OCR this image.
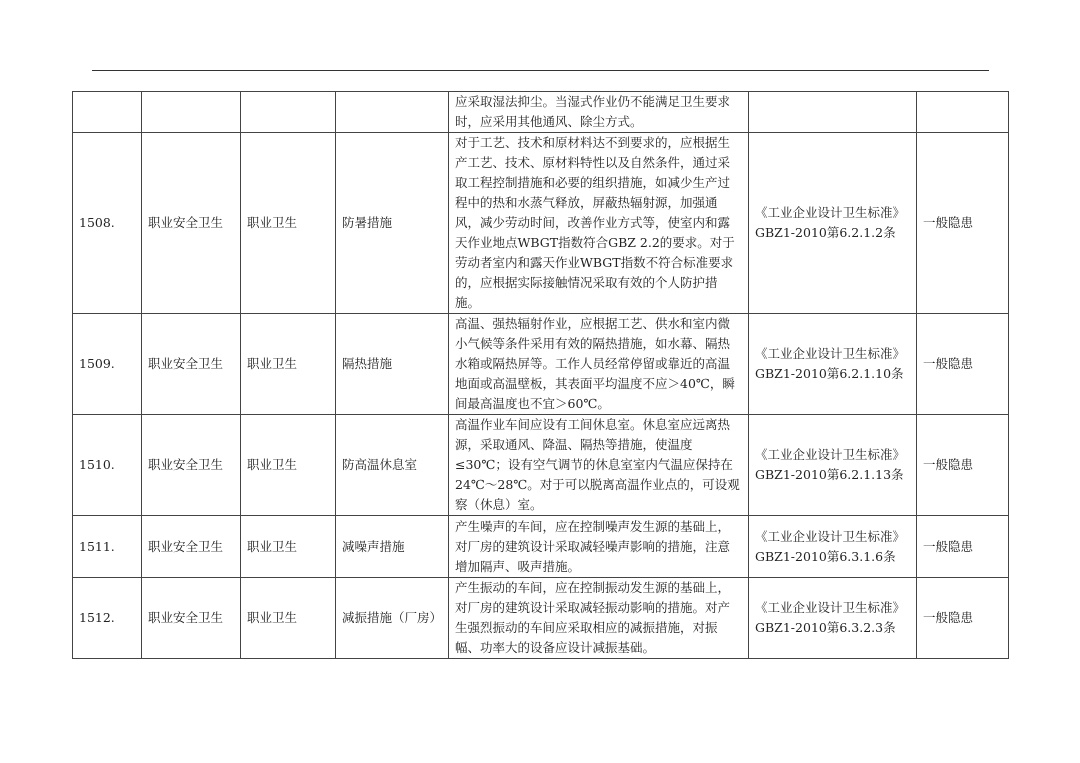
				应采取湿法抑尘。当湿式作业仍不能满足卫生要求时，应采用其他通风、除尘方式。		
1508.	职业安全卫生	职业卫生	防暑措施	对于工艺、技术和原材料达不到要求的，应根据生产工艺、技术、原材料特性以及自然条件，通过采取工程控制措施和必要的组织措施，如减少生产过程中的热和水蒸气释放，屏蔽热辐射源，加强通风，减少劳动时间，改善作业方式等，使室内和露天作业地点WBGT指数符合GBZ 2.2的要求。对于劳动者室内和露天作业WBGT指数不符合标准要求的，应根据实际接触情况采取有效的个人防护措施。	《工业企业设计卫生标准》GBZ1-2010第6.2.1.2条	一般隐患
1509.	职业安全卫生	职业卫生	隔热措施	高温、强热辐射作业，应根据工艺、供水和室内微小气候等条件采用有效的隔热措施，如水幕、隔热水箱或隔热屏等。工作人员经常停留或靠近的高温地面或高温壁板，其表面平均温度不应＞40℃，瞬间最高温度也不宜＞60℃。	《工业企业设计卫生标准》GBZ1-2010第6.2.1.10条	一般隐患
1510.	职业安全卫生	职业卫生	防高温休息室	高温作业车间应设有工间休息室。休息室应远离热源，采取通风、降温、隔热等措施，使温度≤30℃；设有空气调节的休息室室内气温应保持在24℃～28℃。对于可以脱离高温作业点的，可设观察（休息）室。	《工业企业设计卫生标准》GBZ1-2010第6.2.1.13条	一般隐患
1511.	职业安全卫生	职业卫生	减噪声措施	产生噪声的车间，应在控制噪声发生源的基础上，对厂房的建筑设计采取减轻噪声影响的措施，注意增加隔声、吸声措施。	《工业企业设计卫生标准》GBZ1-2010第6.3.1.6条	一般隐患
1512.	职业安全卫生	职业卫生	减振措施（厂房）	产生振动的车间，应在控制振动发生源的基础上，对厂房的建筑设计采取减轻振动影响的措施。对产生强烈振动的车间应采取相应的减振措施，对振幅、功率大的设备应设计减振基础。	《工业企业设计卫生标准》GBZ1-2010第6.3.2.3条	一般隐患
